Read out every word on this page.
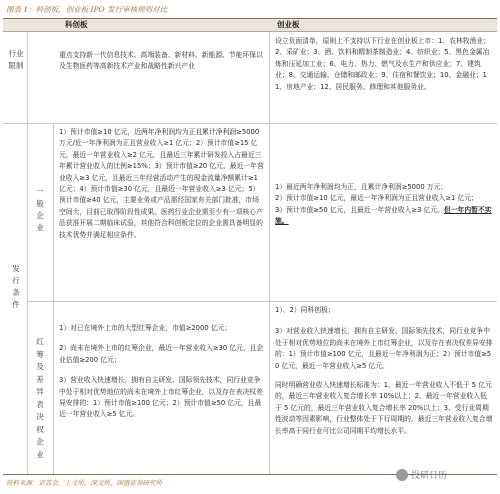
图表 1：科创板、创业板 IPO 发行审核规则对比
科创板	创业板
行业限制
一般企业
发行条件
红筹及差异表决权企业
重点支持新一代信息技术、高端装备、新材料、新能源、节能环保以及生物医药等高新技术产业和战略性新兴产业
设立负面清单，原则上不支持以下行业在创业板上市：1、农林牧渔业；2、采矿业；3、酒、饮料和精制茶制造业；4、纺织业；5、黑色金属冶炼和压延加工业；6、电力、热力、燃气及水生产和供应业；7、建筑业；8、交通运输、仓储和邮政业；9、住宿和餐饮业；10、金融业；11、房地产业；12、居民服务、修理和其他服务业。
1）预计市值≥10 亿元，近两年净利润均为正且累计净利润≥5000 万元/近一年净利润为正且营业收入≥1 亿元；2）预计市值≥15 亿元，最近一年营业收入≥2 亿元，且最近三年累计研发投入占最近三年累计营业收入的比例≥15%；3）预计市值≥20 亿元，最近一年营业收入≥3 亿元，且最近三年经营活动产生的现金流量净额累计≥1 亿元；4）预计市值≥30 亿元，且最近一年营业收入≥3 亿元；5）预计市值≥40 亿元，主要业务或产品需经国家有关部门批准，市场空间大，目前已取得阶段性成果。医药行业企业需至少有一项核心产品获准开展二期临床试验，其他符合科创板定位的企业需具备明显的技术优势并满足相应条件。
1）最近两年净利润均为正，且累计净利润≥5000 万元；
2）预计市值≥10 亿元，最近一年净利润为正且营业收入≥1 亿元；
3）预计市值≥50 亿元，且最近一年营业收入≥3 亿元。但一年内暂不实施。
1）对已在境外上市的大型红筹企业，市值≥2000 亿元；
2）尚未在境外上市的红筹企业，最近一年营业收入≥30 亿元，且企业估值≥200 亿元；
3）营业收入快速增长，拥有自主研发、国际领先技术，同行业竞争中处于相对优势地位的尚未在境外上市红筹企业，以及存在表决权差异安排的：1）预计市值≥100 亿元；2）预计市值≥50 亿元，且最近一年营业收入≥5 亿元。
1）、2）同科创板；
3）对营业收入快速增长，拥有自主研发、国际领先技术，同行业竞争中处于相对优势地位的尚未在境外上市红筹企业，以及存在表决权差异安排的：1）预计市值≥100 亿元，且最近一年净利润为正；2）预计市值≥50 亿元，最近一年营业收入≥5 亿元。
同时明确营业收入快速增长标准为：1、最近一年营业收入不低于 5 亿元的，最近三年营业收入复合增长率 10%以上；2、最近一年营业收入低于 5 亿元的，最近三年营业收入复合增长率 20%以上；3、受行业周期性波动等因素影响，行业整体处于下行周期的，最近三年营业收入复合增长率高于同行业可比公司同期平均增长水平。
资料来源：证监会，上交所，深交所，国盛证券研究所
投研日历
